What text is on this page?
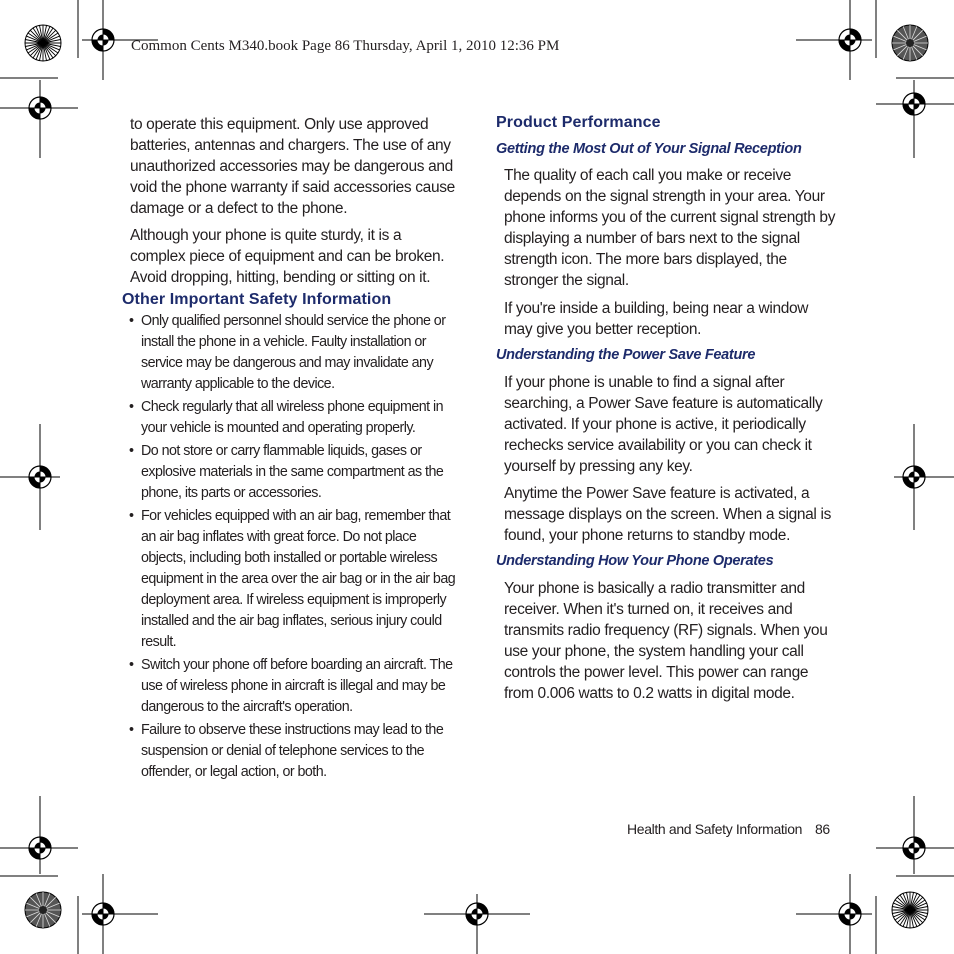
Common Cents M340.book Page 86 Thursday, April 1, 2010 12:36 PM

to operate this equipment. Only use approved batteries, antennas and chargers. The use of any unauthorized accessories may be dangerous and void the phone warranty if said accessories cause damage or a defect to the phone.

Although your phone is quite sturdy, it is a complex piece of equipment and can be broken. Avoid dropping, hitting, bending or sitting on it.

Other Important Safety Information
• Only qualified personnel should service the phone or install the phone in a vehicle. Faulty installation or service may be dangerous and may invalidate any warranty applicable to the device.
• Check regularly that all wireless phone equipment in your vehicle is mounted and operating properly.
• Do not store or carry flammable liquids, gases or explosive materials in the same compartment as the phone, its parts or accessories.
• For vehicles equipped with an air bag, remember that an air bag inflates with great force. Do not place objects, including both installed or portable wireless equipment in the area over the air bag or in the air bag deployment area. If wireless equipment is improperly installed and the air bag inflates, serious injury could result.
• Switch your phone off before boarding an aircraft. The use of wireless phone in aircraft is illegal and may be dangerous to the aircraft's operation.
• Failure to observe these instructions may lead to the suspension or denial of telephone services to the offender, or legal action, or both.
Product Performance
Getting the Most Out of Your Signal Reception

The quality of each call you make or receive depends on the signal strength in your area. Your phone informs you of the current signal strength by displaying a number of bars next to the signal strength icon. The more bars displayed, the stronger the signal.

If you're inside a building, being near a window may give you better reception.

Understanding the Power Save Feature

If your phone is unable to find a signal after searching, a Power Save feature is automatically activated. If your phone is active, it periodically rechecks service availability or you can check it yourself by pressing any key.

Anytime the Power Save feature is activated, a message displays on the screen. When a signal is found, your phone returns to standby mode.

Understanding How Your Phone Operates

Your phone is basically a radio transmitter and receiver. When it's turned on, it receives and transmits radio frequency (RF) signals. When you use your phone, the system handling your call controls the power level. This power can range from 0.006 watts to 0.2 watts in digital mode.

Health and Safety Information 86
